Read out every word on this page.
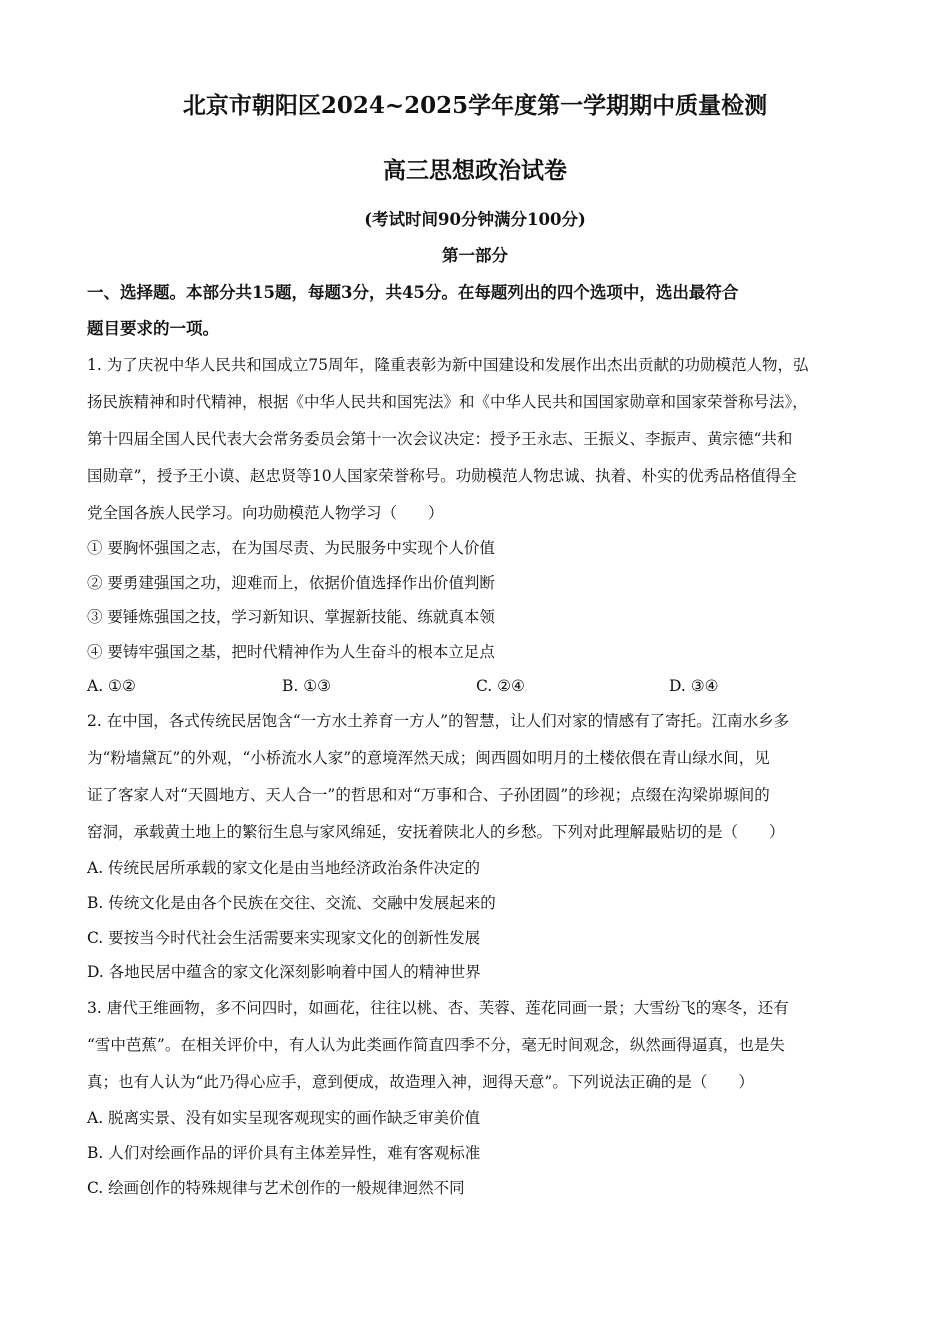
北京市朝阳区2024~2025学年度第一学期期中质量检测
高三思想政治试卷
(考试时间90分钟满分100分)
第一部分
一、选择题。本部分共15题，每题3分，共45分。在每题列出的四个选项中，选出最符合
题目要求的一项。
1. 为了庆祝中华人民共和国成立75周年，隆重表彰为新中国建设和发展作出杰出贡献的功勋模范人物，弘
扬民族精神和时代精神，根据《中华人民共和国宪法》和《中华人民共和国国家勋章和国家荣誉称号法》，
第十四届全国人民代表大会常务委员会第十一次会议决定：授予王永志、王振义、李振声、黄宗德“共和
国勋章”，授予王小谟、赵忠贤等10人国家荣誉称号。功勋模范人物忠诚、执着、朴实的优秀品格值得全
党全国各族人民学习。向功勋模范人物学习（　　）
① 要胸怀强国之志，在为国尽责、为民服务中实现个人价值
② 要勇建强国之功，迎难而上，依据价值选择作出价值判断
③ 要锤炼强国之技，学习新知识、掌握新技能、练就真本领
④ 要铸牢强国之基，把时代精神作为人生奋斗的根本立足点
A. ①②	B. ①③	C. ②④	D. ③④
2. 在中国，各式传统民居饱含“一方水土养育一方人”的智慧，让人们对家的情感有了寄托。江南水乡多
为“粉墙黛瓦”的外观，“小桥流水人家”的意境浑然天成；闽西圆如明月的土楼依偎在青山绿水间，见
证了客家人对“天圆地方、天人合一”的哲思和对“万事和合、子孙团圆”的珍视；点缀在沟梁峁塬间的
窑洞，承载黄土地上的繁衍生息与家风绵延，安抚着陕北人的乡愁。下列对此理解最贴切的是（　　）
A. 传统民居所承载的家文化是由当地经济政治条件决定的
B. 传统文化是由各个民族在交往、交流、交融中发展起来的
C. 要按当今时代社会生活需要来实现家文化的创新性发展
D. 各地民居中蕴含的家文化深刻影响着中国人的精神世界
3. 唐代王维画物，多不问四时，如画花，往往以桃、杏、芙蓉、莲花同画一景；大雪纷飞的寒冬，还有
“雪中芭蕉”。在相关评价中，有人认为此类画作简直四季不分，毫无时间观念，纵然画得逼真，也是失
真；也有人认为“此乃得心应手，意到便成，故造理入神，迥得天意”。下列说法正确的是（　　）
A. 脱离实景、没有如实呈现客观现实的画作缺乏审美价值
B. 人们对绘画作品的评价具有主体差异性，难有客观标准
C. 绘画创作的特殊规律与艺术创作的一般规律迥然不同
